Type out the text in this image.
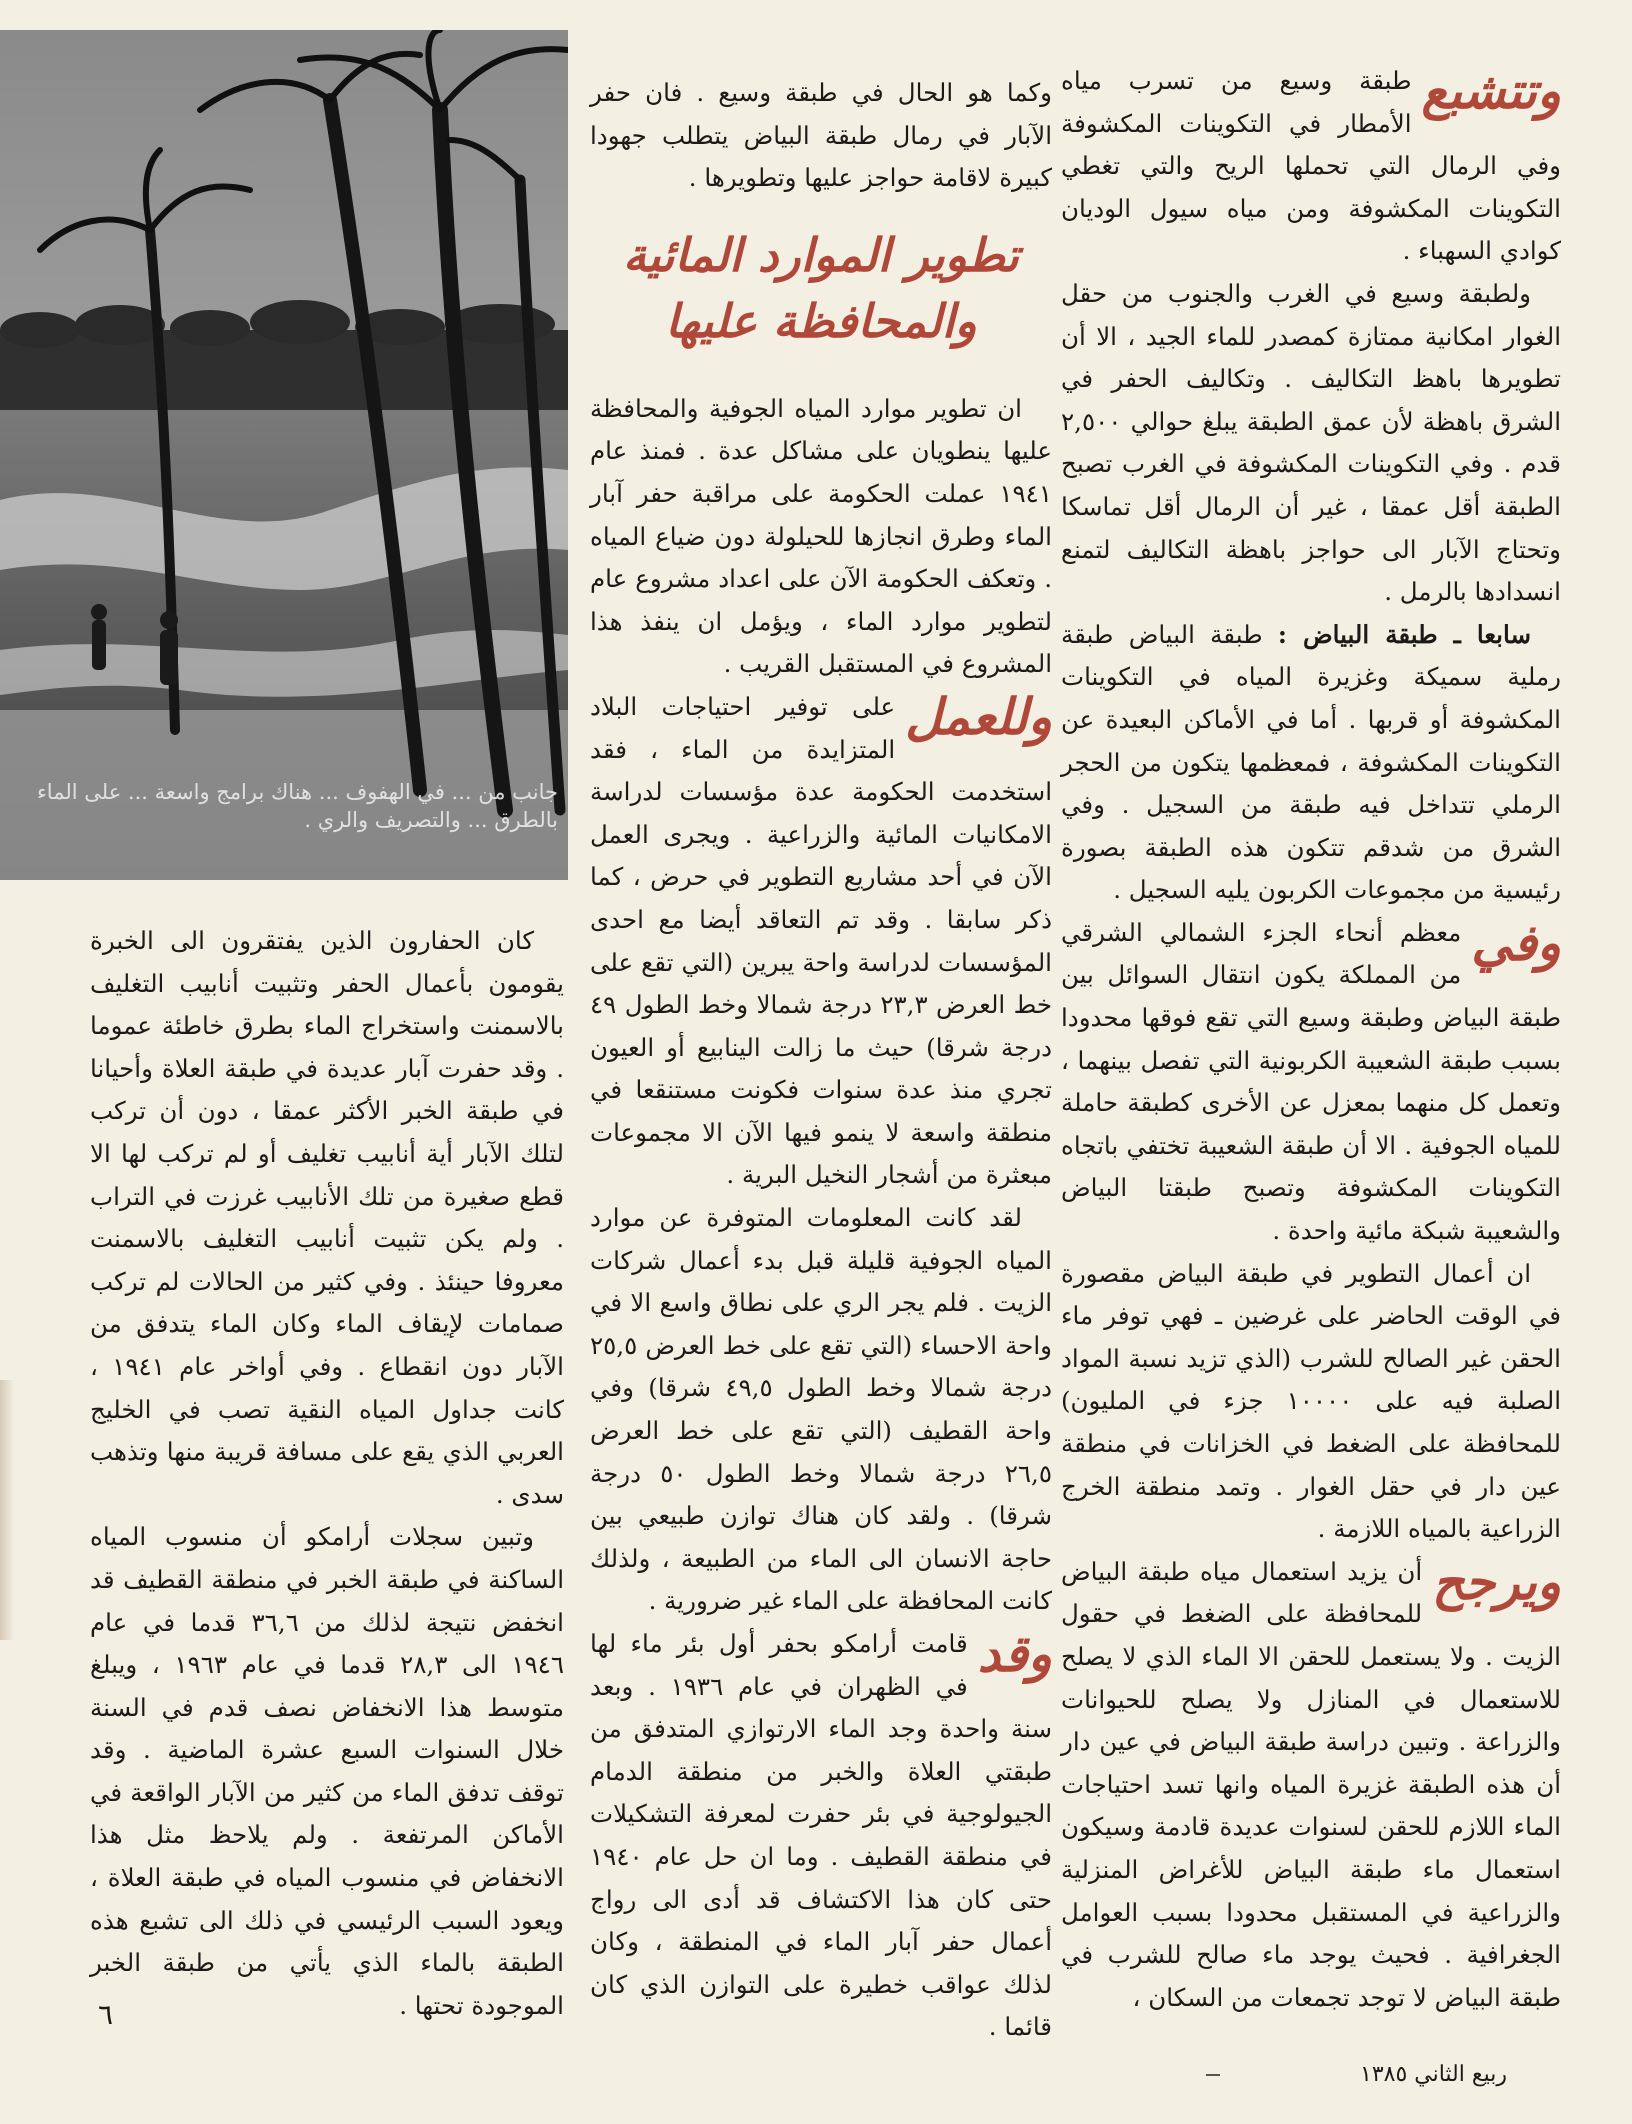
جانب من ... في الهفوف ... هناك برامج واسعة ... على الماء بالطرق ... والتصريف والري .

وتتشبع
طبقة وسيع من تسرب مياه الأمطار في التكوينات المكشوفة وفي الرمال التي تحملها الريح والتي تغطي التكوينات المكشوفة ومن مياه سيول الوديان كوادي السهباء .

ولطبقة وسيع في الغرب والجنوب من حقل الغوار امكانية ممتازة كمصدر للماء الجيد ، الا أن تطويرها باهظ التكاليف . وتكاليف الحفر في الشرق باهظة لأن عمق الطبقة يبلغ حوالي ٢,٥٠٠ قدم . وفي التكوينات المكشوفة في الغرب تصبح الطبقة أقل عمقا ، غير أن الرمال أقل تماسكا وتحتاج الآبار الى حواجز باهظة التكاليف لتمنع انسدادها بالرمل .

سابعا ـ طبقة البياض : طبقة البياض طبقة رملية سميكة وغزيرة المياه في التكوينات المكشوفة أو قربها . أما في الأماكن البعيدة عن التكوينات المكشوفة ، فمعظمها يتكون من الحجر الرملي تتداخل فيه طبقة من السجيل . وفي الشرق من شدقم تتكون هذه الطبقة بصورة رئيسية من مجموعات الكربون يليه السجيل .

وفي
معظم أنحاء الجزء الشمالي الشرقي من المملكة يكون انتقال السوائل بين طبقة البياض وطبقة وسيع التي تقع فوقها محدودا بسبب طبقة الشعيبة الكربونية التي تفصل بينهما ، وتعمل كل منهما بمعزل عن الأخرى كطبقة حاملة للمياه الجوفية . الا أن طبقة الشعيبة تختفي باتجاه التكوينات المكشوفة وتصبح طبقتا البياض والشعيبة شبكة مائية واحدة .

ان أعمال التطوير في طبقة البياض مقصورة في الوقت الحاضر على غرضين ـ فهي توفر ماء الحقن غير الصالح للشرب (الذي تزيد نسبة المواد الصلبة فيه على ١٠٠٠٠ جزء في المليون) للمحافظة على الضغط في الخزانات في منطقة عين دار في حقل الغوار . وتمد منطقة الخرج الزراعية بالمياه اللازمة .

ويرجح
أن يزيد استعمال مياه طبقة البياض للمحافظة على الضغط في حقول الزيت . ولا يستعمل للحقن الا الماء الذي لا يصلح للاستعمال في المنازل ولا يصلح للحيوانات والزراعة . وتبين دراسة طبقة البياض في عين دار أن هذه الطبقة غزيرة المياه وانها تسد احتياجات الماء اللازم للحقن لسنوات عديدة قادمة وسيكون استعمال ماء طبقة البياض للأغراض المنزلية والزراعية في المستقبل محدودا بسبب العوامل الجغرافية . فحيث يوجد ماء صالح للشرب في طبقة البياض لا توجد تجمعات من السكان ،

وكما هو الحال في طبقة وسيع . فان حفر الآبار في رمال طبقة البياض يتطلب جهودا كبيرة لاقامة حواجز عليها وتطويرها .

تطوير الموارد المائية والمحافظة عليها

ان تطوير موارد المياه الجوفية والمحافظة عليها ينطويان على مشاكل عدة . فمنذ عام ١٩٤١ عملت الحكومة على مراقبة حفر آبار الماء وطرق انجازها للحيلولة دون ضياع المياه . وتعكف الحكومة الآن على اعداد مشروع عام لتطوير موارد الماء ، ويؤمل ان ينفذ هذا المشروع في المستقبل القريب .

وللعمل
على توفير احتياجات البلاد المتزايدة من الماء ، فقد استخدمت الحكومة عدة مؤسسات لدراسة الامكانيات المائية والزراعية . ويجرى العمل الآن في أحد مشاريع التطوير في حرض ، كما ذكر سابقا . وقد تم التعاقد أيضا مع احدى المؤسسات لدراسة واحة يبرين (التي تقع على خط العرض ٢٣,٣ درجة شمالا وخط الطول ٤٩ درجة شرقا) حيث ما زالت الينابيع أو العيون تجري منذ عدة سنوات فكونت مستنقعا في منطقة واسعة لا ينمو فيها الآن الا مجموعات مبعثرة من أشجار النخيل البرية .

لقد كانت المعلومات المتوفرة عن موارد المياه الجوفية قليلة قبل بدء أعمال شركات الزيت . فلم يجر الري على نطاق واسع الا في واحة الاحساء (التي تقع على خط العرض ٢٥,٥ درجة شمالا وخط الطول ٤٩,٥ شرقا) وفي واحة القطيف (التي تقع على خط العرض ٢٦,٥ درجة شمالا وخط الطول ٥٠ درجة شرقا) . ولقد كان هناك توازن طبيعي بين حاجة الانسان الى الماء من الطبيعة ، ولذلك كانت المحافظة على الماء غير ضرورية .

وقد
قامت أرامكو بحفر أول بئر ماء لها في الظهران في عام ١٩٣٦ . وبعد سنة واحدة وجد الماء الارتوازي المتدفق من طبقتي العلاة والخبر من منطقة الدمام الجيولوجية في بئر حفرت لمعرفة التشكيلات في منطقة القطيف . وما ان حل عام ١٩٤٠ حتى كان هذا الاكتشاف قد أدى الى رواج أعمال حفر آبار الماء في المنطقة ، وكان لذلك عواقب خطيرة على التوازن الذي كان قائما .

كان الحفارون الذين يفتقرون الى الخبرة يقومون بأعمال الحفر وتثبيت أنابيب التغليف بالاسمنت واستخراج الماء بطرق خاطئة عموما . وقد حفرت آبار عديدة في طبقة العلاة وأحيانا في طبقة الخبر الأكثر عمقا ، دون أن تركب لتلك الآبار أية أنابيب تغليف أو لم تركب لها الا قطع صغيرة من تلك الأنابيب غرزت في التراب . ولم يكن تثبيت أنابيب التغليف بالاسمنت معروفا حينئذ . وفي كثير من الحالات لم تركب صمامات لإيقاف الماء وكان الماء يتدفق من الآبار دون انقطاع . وفي أواخر عام ١٩٤١ ، كانت جداول المياه النقية تصب في الخليج العربي الذي يقع على مسافة قريبة منها وتذهب سدى .

وتبين سجلات أرامكو أن منسوب المياه الساكنة في طبقة الخبر في منطقة القطيف قد انخفض نتيجة لذلك من ٣٦,٦ قدما في عام ١٩٤٦ الى ٢٨,٣ قدما في عام ١٩٦٣ ، ويبلغ متوسط هذا الانخفاض نصف قدم في السنة خلال السنوات السبع عشرة الماضية . وقد توقف تدفق الماء من كثير من الآبار الواقعة في الأماكن المرتفعة . ولم يلاحظ مثل هذا الانخفاض في منسوب المياه في طبقة العلاة ، ويعود السبب الرئيسي في ذلك الى تشبع هذه الطبقة بالماء الذي يأتي من طبقة الخبر الموجودة تحتها .

٦
ربيع الثاني ١٣٨٥
